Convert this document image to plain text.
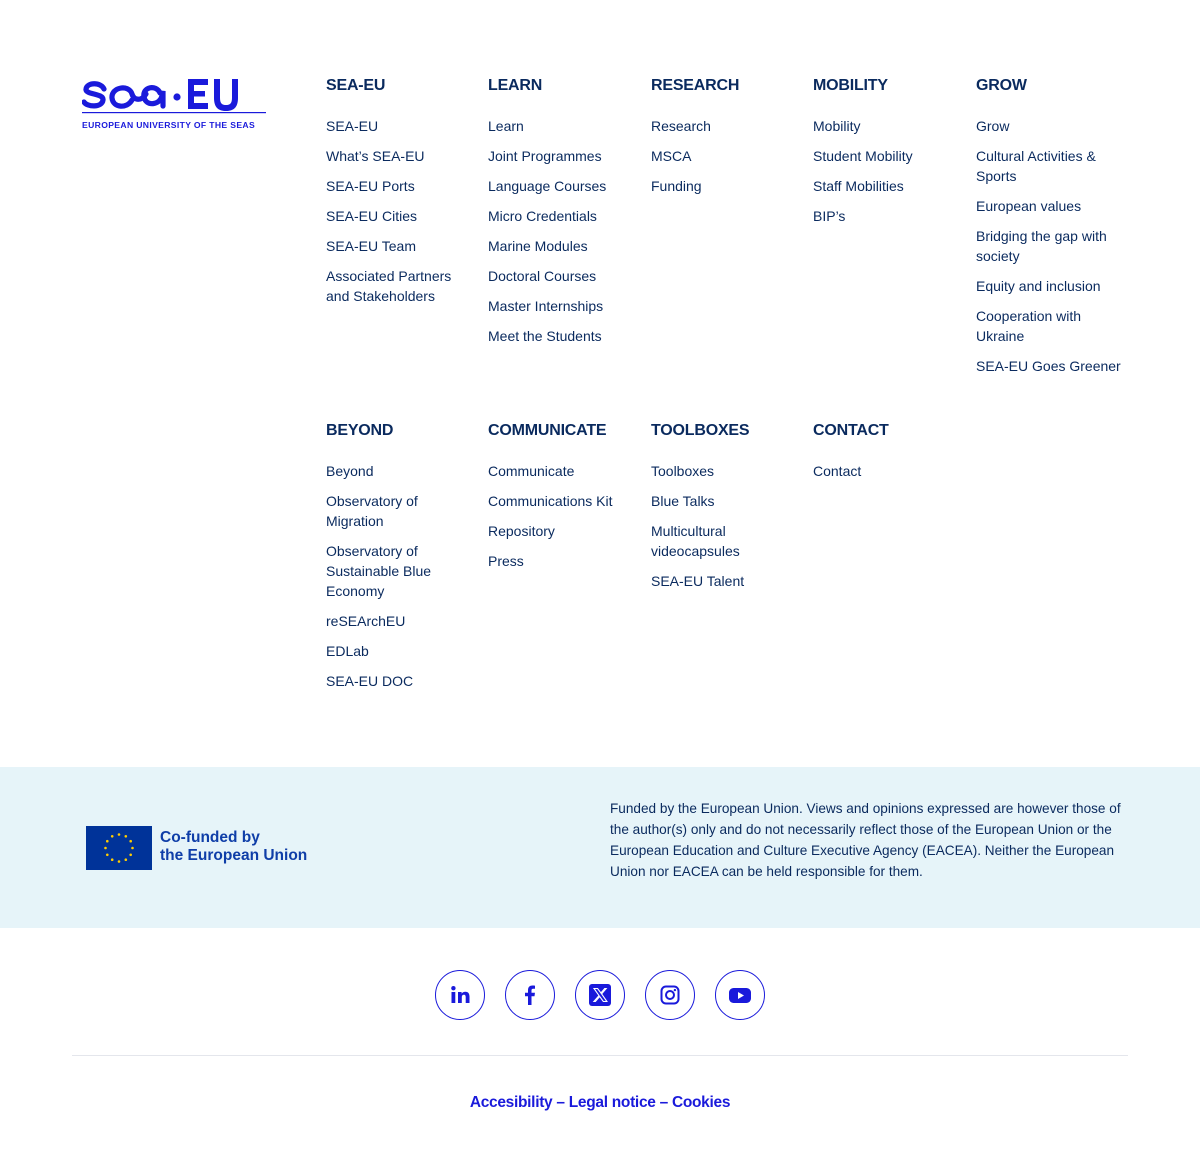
EUROPEAN UNIVERSITY OF THE SEAS
SEA-EU
SEA-EU
What’s SEA-EU
SEA-EU Ports
SEA-EU Cities
SEA-EU Team
Associated Partners and Stakeholders
LEARN
Learn
Joint Programmes
Language Courses
Micro Credentials
Marine Modules
Doctoral Courses
Master Internships
Meet the Students
RESEARCH
Research
MSCA
Funding
MOBILITY
Mobility
Student Mobility
Staff Mobilities
BIP’s
GROW
Grow
Cultural Activities & Sports
European values
Bridging the gap with society
Equity and inclusion
Cooperation with Ukraine
SEA-EU Goes Greener
BEYOND
Beyond
Observatory of Migration
Observatory of Sustainable Blue Economy
reSEArchEU
EDLab
SEA-EU DOC
COMMUNICATE
Communicate
Communications Kit
Repository
Press
TOOLBOXES
Toolboxes
Blue Talks
Multicultural videocapsules
SEA-EU Talent
CONTACT
Contact
Co-funded by
the European Union

Funded by the European Union. Views and opinions expressed are however those of the author(s) only and do not necessarily reflect those of the European Union or the European Education and Culture Executive Agency (EACEA). Neither the European Union nor EACEA can be held responsible for them.

Accesibility – Legal notice – Cookies
